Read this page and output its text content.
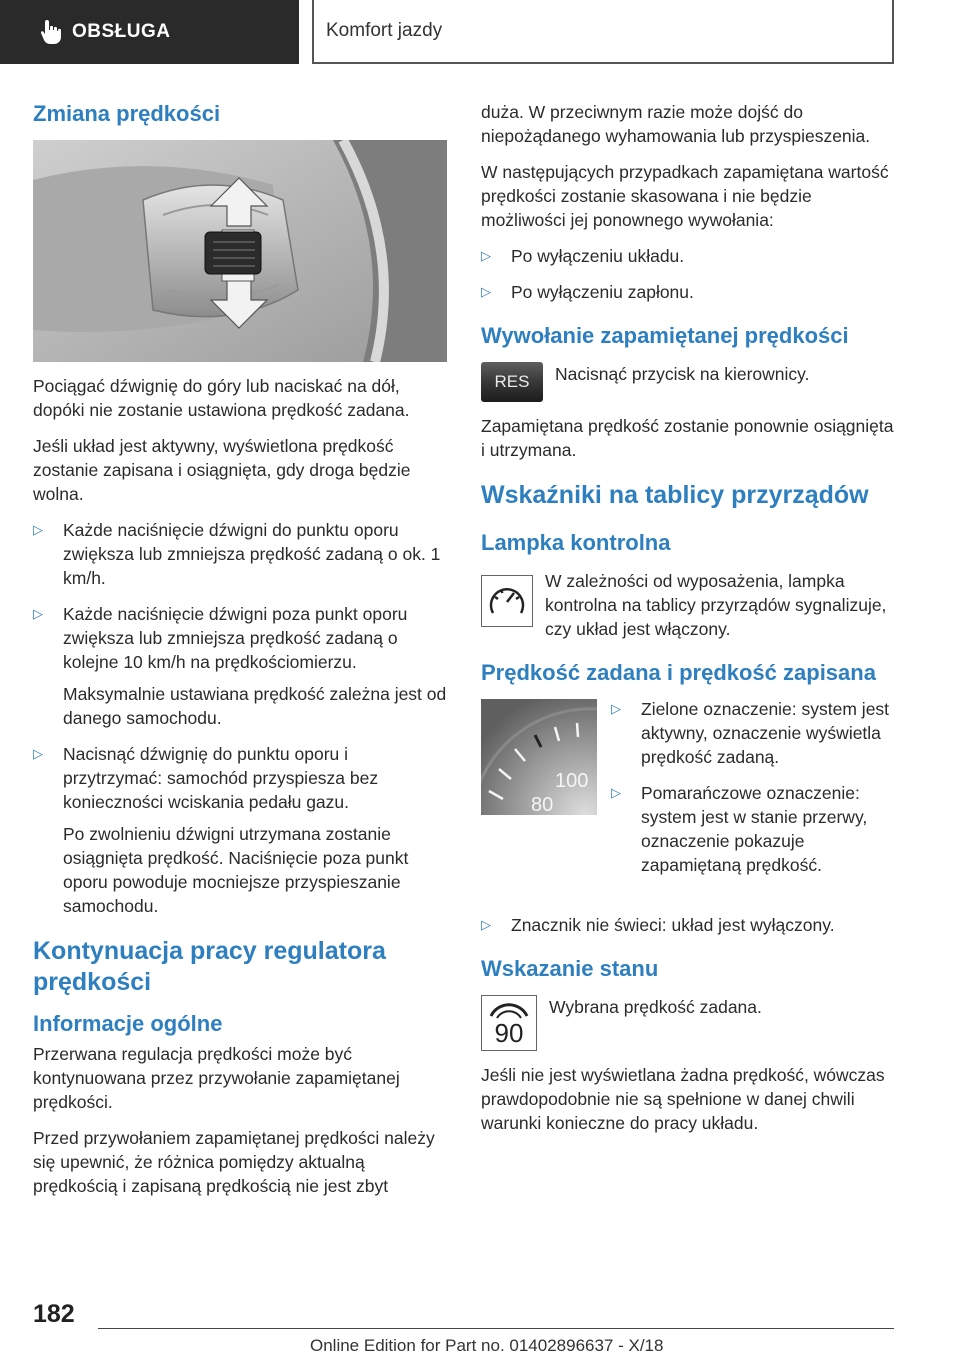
OBSŁUGA	Komfort jazdy
Zmiana prędkości

Pociągać dźwignię do góry lub naciskać na dół, dopóki nie zostanie ustawiona prędkość zadana.

Jeśli układ jest aktywny, wyświetlona prędkość zostanie zapisana i osiągnięta, gdy droga będzie wolna.

▷ Każde naciśnięcie dźwigni do punktu oporu zwiększa lub zmniejsza prędkość zadaną o ok. 1 km/h.

▷ Każde naciśnięcie dźwigni poza punkt oporu zwiększa lub zmniejsza prędkość zadaną o kolejne 10 km/h na prędkościomierzu.

Maksymalnie ustawiana prędkość zależna jest od danego samochodu.

▷ Nacisnąć dźwignię do punktu oporu i przytrzymać: samochód przyspiesza bez konieczności wciskania pedału gazu.

Po zwolnieniu dźwigni utrzymana zostanie osiągnięta prędkość. Naciśnięcie poza punkt oporu powoduje mocniejsze przyspieszanie samochodu.

Kontynuacja pracy regulatora prędkości
Informacje ogólne

Przerwana regulacja prędkości może być kontynuowana przez przywołanie zapamiętanej prędkości.

Przed przywołaniem zapamiętanej prędkości należy się upewnić, że różnica pomiędzy aktualną prędkością i zapisaną prędkością nie jest zbyt

duża. W przeciwnym razie może dojść do niepożądanego wyhamowania lub przyspieszenia.

W następujących przypadkach zapamiętana wartość prędkości zostanie skasowana i nie będzie możliwości jej ponownego wywołania:

▷ Po wyłączeniu układu.
▷ Po wyłączeniu zapłonu.
Wywołanie zapamiętanej prędkości
RES	Nacisnąć przycisk na kierownicy.

Zapamiętana prędkość zostanie ponownie osiągnięta i utrzymana.

Wskaźniki na tablicy przyrządów
Lampka kontrolna
W zależności od wyposażenia, lampka kontrolna na tablicy przyrządów sygnalizuje, czy układ jest włączony.
Prędkość zadana i prędkość zapisana
100
80
▷ Zielone oznaczenie: system jest aktywny, oznaczenie wyświetla prędkość zadaną.
▷ Pomarańczowe oznaczenie: system jest w stanie przerwy, oznaczenie pokazuje zapamiętaną prędkość.
▷ Znacznik nie świeci: układ jest wyłączony.
Wskazanie stanu
90
Wybrana prędkość zadana.

Jeśli nie jest wyświetlana żadna prędkość, wówczas prawdopodobnie nie są spełnione w danej chwili warunki konieczne do pracy układu.

182
Online Edition for Part no. 01402896637 - X/18
